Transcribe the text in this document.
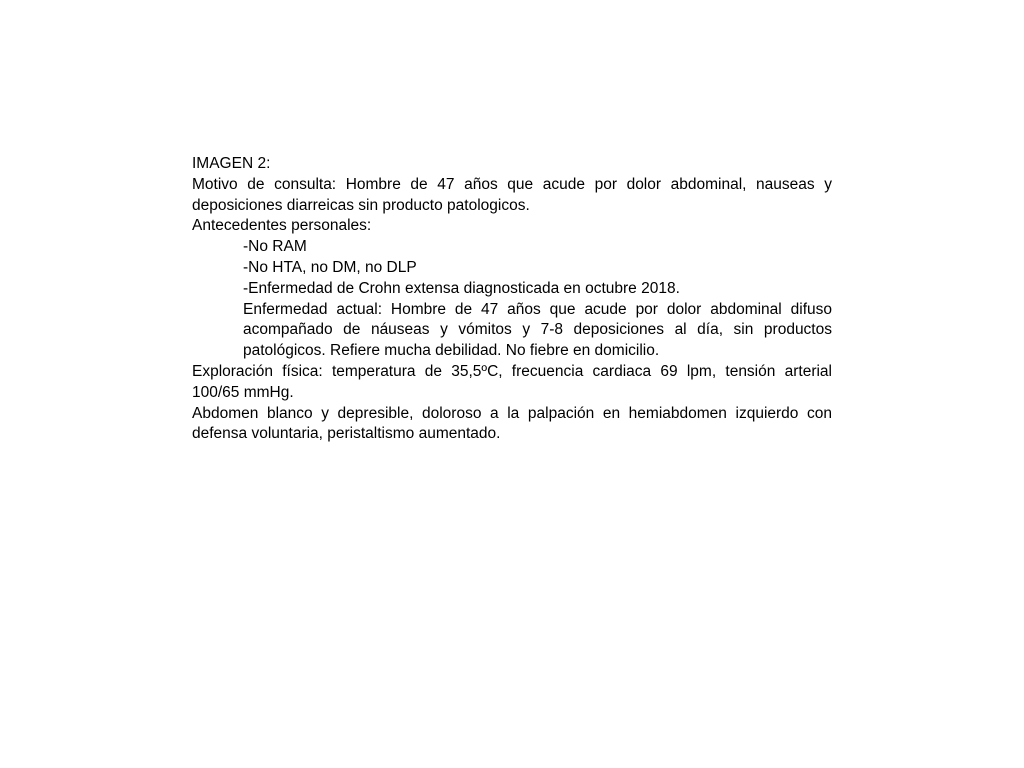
IMAGEN 2:

Motivo de consulta: Hombre de 47 años que acude por dolor abdominal, nauseas y deposiciones diarreicas sin producto patologicos.

Antecedentes personales:

-No RAM

-No HTA, no DM, no DLP

-Enfermedad de Crohn extensa diagnosticada en octubre 2018.

Enfermedad actual: Hombre de 47 años que acude por dolor abdominal difuso acompañado de náuseas y vómitos y 7-8 deposiciones al día, sin productos patológicos. Refiere mucha debilidad. No fiebre en domicilio.

Exploración física: temperatura de 35,5ºC, frecuencia cardiaca 69 lpm, tensión arterial 100/65 mmHg.

Abdomen blanco y depresible, doloroso a la palpación en hemiabdomen izquierdo con defensa voluntaria, peristaltismo aumentado.
